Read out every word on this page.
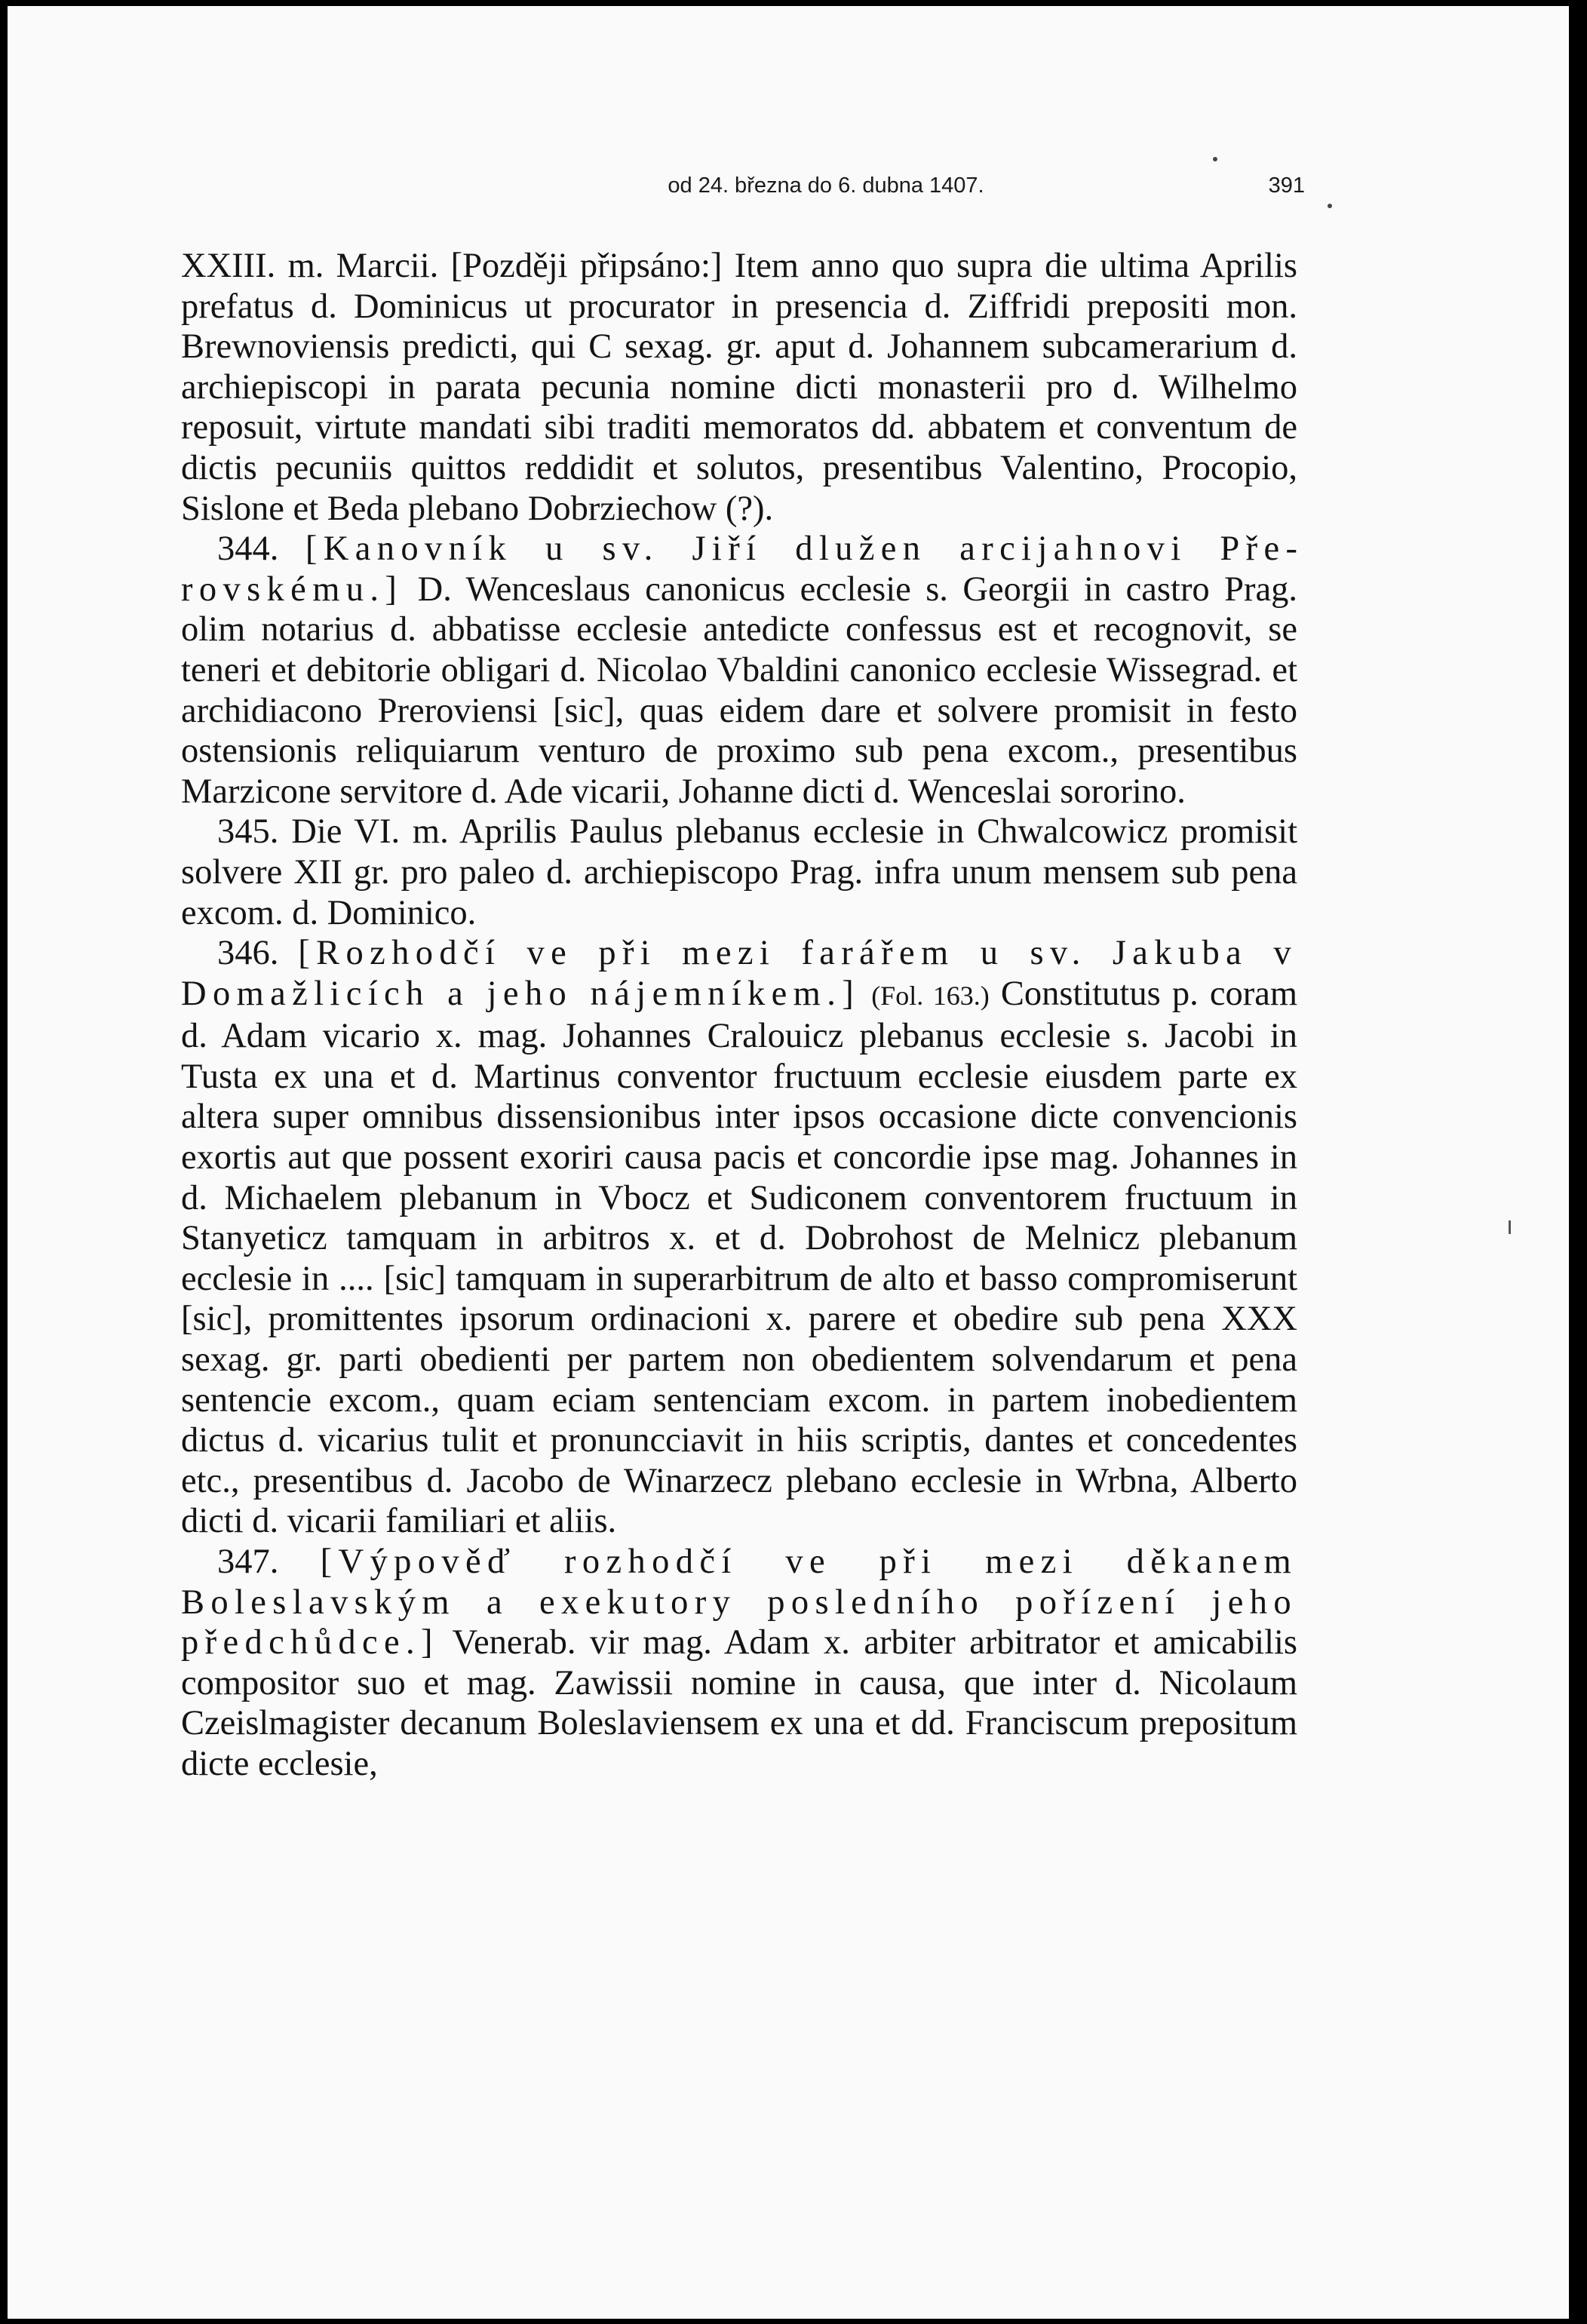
od 24. března do 6. dubna 1407.	391

XXIII. m. Marcii. [Později připsáno:] Item anno quo supra die ultima Aprilis prefatus d. Dominicus ut procurator in presencia d. Ziffridi prepositi mon. Brewnoviensis predicti, qui C sexag. gr. aput d. Johannem subcamerarium d. archiepiscopi in parata pecunia nomine dicti monasterii pro d. Wilhelmo reposuit, virtute mandati sibi traditi memoratos dd. abbatem et conventum de dictis pecuniis quittos reddidit et solutos, presentibus Valentino, Procopio, Sislone et Beda plebano Dobrziechow (?).

344. [Kanovník u sv. Jiří dlužen arcijahnovi Přerovskému.] D. Wenceslaus canonicus ecclesie s. Georgii in castro Prag. olim notarius d. abbatisse ecclesie antedicte confessus est et recognovit, se teneri et debitorie obligari d. Nicolao Vbaldini canonico ecclesie Wissegrad. et archidiacono Preroviensi [sic], quas eidem dare et solvere promisit in festo ostensionis reliquiarum venturo de proximo sub pena excom., presentibus Marzicone servitore d. Ade vicarii, Johanne dicti d. Wenceslai sororino.

345. Die VI. m. Aprilis Paulus plebanus ecclesie in Chwalcowicz promisit solvere XII gr. pro paleo d. archiepiscopo Prag. infra unum mensem sub pena excom. d. Dominico.

346. [Rozhodčí ve při mezi farářem u sv. Jakuba v Domažlicích a jeho nájemníkem.] (Fol. 163.) Constitutus p. coram d. Adam vicario x. mag. Johannes Cralouicz plebanus ecclesie s. Jacobi in Tusta ex una et d. Martinus conventor fructuum ecclesie eiusdem parte ex altera super omnibus dissensionibus inter ipsos occasione dicte convencionis exortis aut que possent exoriri causa pacis et concordie ipse mag. Johannes in d. Michaelem plebanum in Vbocz et Sudiconem conventorem fructuum in Stanyeticz tamquam in arbitros x. et d. Dobrohost de Melnicz plebanum ecclesie in .... [sic] tamquam in superarbitrum de alto et basso compromiserunt [sic], promittentes ipsorum ordinacioni x. parere et obedire sub pena XXX sexag. gr. parti obedienti per partem non obedientem solvendarum et pena sentencie excom., quam eciam sentenciam excom. in partem inobedientem dictus d. vicarius tulit et pronuncciavit in hiis scriptis, dantes et concedentes etc., presentibus d. Jacobo de Winarzecz plebano ecclesie in Wrbna, Alberto dicti d. vicarii familiari et aliis.

347. [Výpověď rozhodčí ve při mezi děkanem Boleslavským a exekutory posledního pořízení jeho předchůdce.] Venerab. vir mag. Adam x. arbiter arbitrator et amicabilis compositor suo et mag. Zawissii nomine in causa, que inter d. Nicolaum Czeislmagister decanum Boleslaviensem ex una et dd. Franciscum prepositum dicte ecclesie,
